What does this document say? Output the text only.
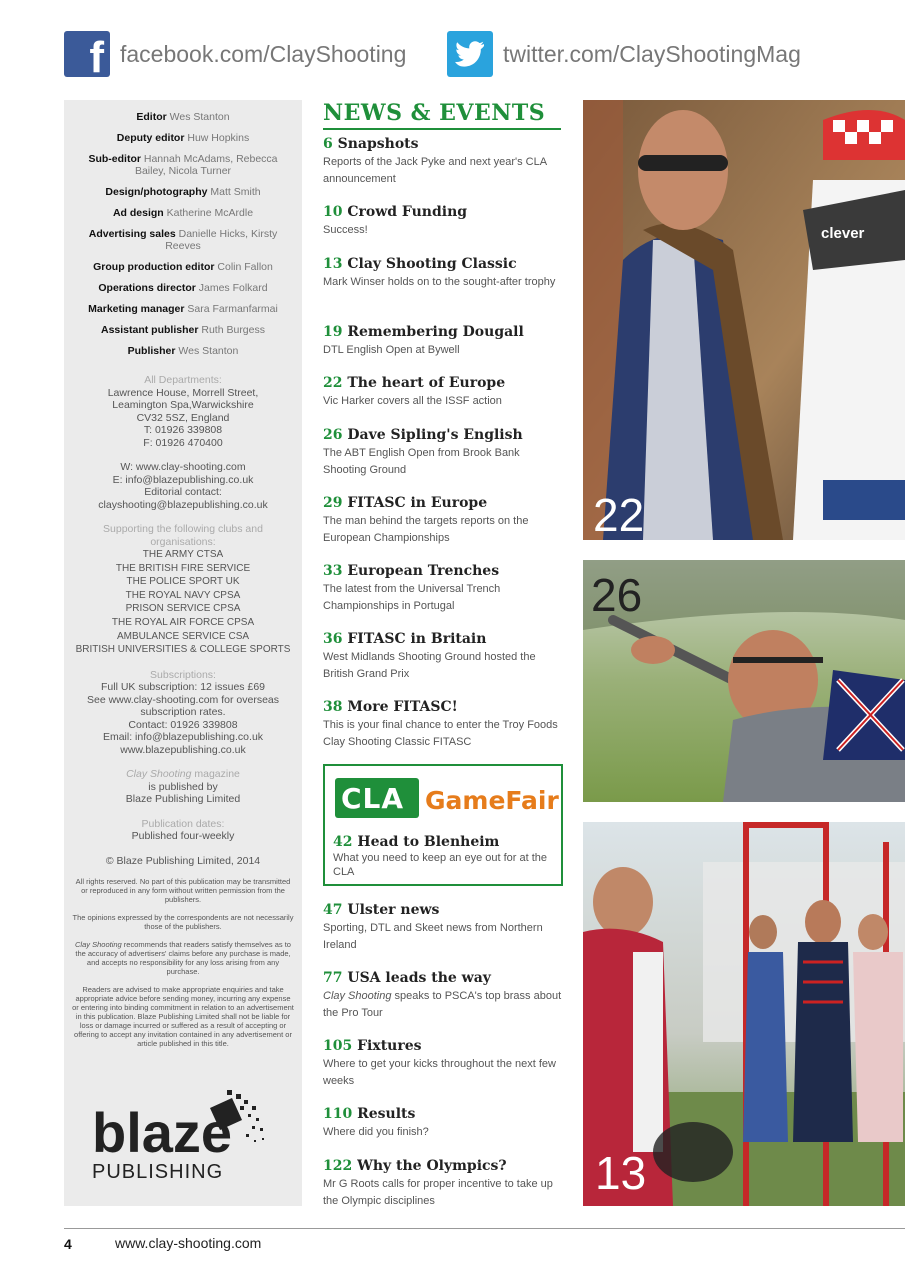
f facebook.com/ClayShooting	twitter.com/ClayShootingMag
Editor Wes Stanton
Deputy editor Huw Hopkins
Sub-editor Hannah McAdams, Rebecca Bailey, Nicola Turner
Design/photography Matt Smith
Ad design Katherine McArdle
Advertising sales Danielle Hicks, Kirsty Reeves
Group production editor Colin Fallon
Operations director James Folkard
Marketing manager Sara Farmanfarmai
Assistant publisher Ruth Burgess
Publisher Wes Stanton
All Departments:
Lawrence House, Morrell Street,
Leamington Spa,Warwickshire
CV32 5SZ, England
T: 01926 339808
F: 01926 470400
W: www.clay-shooting.com
E: info@blazepublishing.co.uk
Editorial contact:
clayshooting@blazepublishing.co.uk
Supporting the following clubs and organisations:
THE ARMY CTSA
THE BRITISH FIRE SERVICE
THE POLICE SPORT UK
THE ROYAL NAVY CPSA
PRISON SERVICE CPSA
THE ROYAL AIR FORCE CPSA
AMBULANCE SERVICE CSA
BRITISH UNIVERSITIES & COLLEGE SPORTS
Subscriptions:
Full UK subscription: 12 issues £69
See www.clay-shooting.com for overseas
subscription rates.
Contact: 01926 339808
Email: info@blazepublishing.co.uk
www.blazepublishing.co.uk
Clay Shooting magazine
is published by
Blaze Publishing Limited
Publication dates:
Published four-weekly
© Blaze Publishing Limited, 2014
All rights reserved. No part of this publication may be transmitted or reproduced in any form without written permission from the publishers.
The opinions expressed by the correspondents are not necessarily those of the publishers.
Clay Shooting recommends that readers satisfy themselves as to the accuracy of advertisers' claims before any purchase is made, and accepts no responsibility for any loss arising from any purchase.
Readers are advised to make appropriate enquiries and take appropriate advice before sending money, incurring any expense or entering into binding commitment in relation to an advertisement in this publication. Blaze Publishing Limited shall not be liable for loss or damage incurred or suffered as a result of accepting or offering to accept any invitation contained in any advertisement or article published in this title.
blaze
PUBLISHING
NEWS & EVENTS
6 Snapshots
Reports of the Jack Pyke and next year's CLA announcement
10 Crowd Funding
Success!
13 Clay Shooting Classic
Mark Winser holds on to the sought-after trophy
19 Remembering Dougall
DTL English Open at Bywell
22 The heart of Europe
Vic Harker covers all the ISSF action
26 Dave Sipling's English
The ABT English Open from Brook Bank Shooting Ground
29 FITASC in Europe
The man behind the targets reports on the European Championships
33 European Trenches
The latest from the Universal Trench Championships in Portugal
36 FITASC in Britain
West Midlands Shooting Ground hosted the British Grand Prix
38 More FITASC!
This is your final chance to enter the Troy Foods Clay Shooting Classic FITASC
CLA GameFair
42 Head to Blenheim
What you need to keep an eye out for at the CLA
47 Ulster news
Sporting, DTL and Skeet news from Northern Ireland
77 USA leads the way
Clay Shooting speaks to PSCA's top brass about the Pro Tour
105 Fixtures
Where to get your kicks throughout the next few weeks
110 Results
Where did you finish?
122 Why the Olympics?
Mr G Roots calls for proper incentive to take up the Olympic disciplines
clever
22
26
13
4	www.clay-shooting.com
